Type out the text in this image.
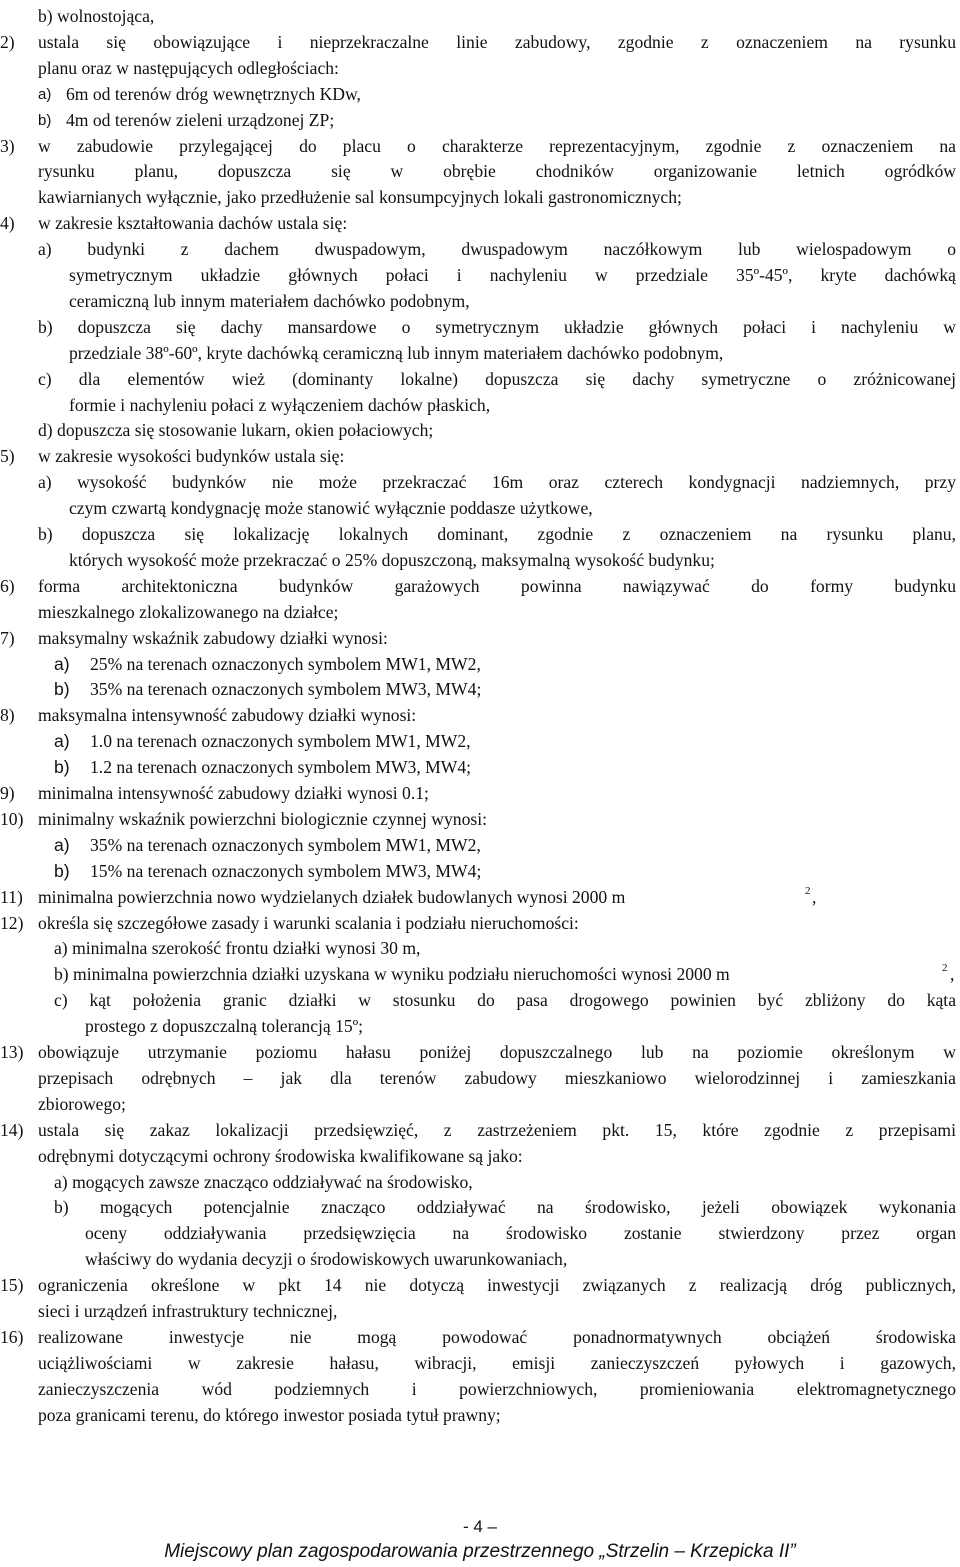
b) wolnostojąca,
2) ustala się obowiązujące i nieprzekraczalne linie zabudowy, zgodnie z oznaczeniem na rysunku
planu oraz w następujących odległościach:
a) 6m od terenów dróg wewnętrznych KDw,
b) 4m od terenów zieleni urządzonej ZP;
3) w zabudowie przylegającej do placu o charakterze reprezentacyjnym, zgodnie z oznaczeniem na
rysunku planu, dopuszcza się w obrębie chodników organizowanie letnich ogródków
kawiarnianych wyłącznie, jako przedłużenie sal konsumpcyjnych lokali gastronomicznych;
4) w zakresie kształtowania dachów ustala się:
a) budynki z dachem dwuspadowym, dwuspadowym naczółkowym lub wielospadowym o
symetrycznym układzie głównych połaci i nachyleniu w przedziale 35º-45º, kryte dachówką
ceramiczną lub innym materiałem dachówko podobnym,
b) dopuszcza się dachy mansardowe o symetrycznym układzie głównych połaci i nachyleniu w
przedziale 38º-60º, kryte dachówką ceramiczną lub innym materiałem dachówko podobnym,
c) dla elementów wież (dominanty lokalne) dopuszcza się dachy symetryczne o zróżnicowanej
formie i nachyleniu połaci z wyłączeniem dachów płaskich,
d) dopuszcza się stosowanie lukarn, okien połaciowych;
5) w zakresie wysokości budynków ustala się:
a) wysokość budynków nie może przekraczać 16m oraz czterech kondygnacji nadziemnych, przy
czym czwartą kondygnację może stanowić wyłącznie poddasze użytkowe,
b) dopuszcza się lokalizację lokalnych dominant, zgodnie z oznaczeniem na rysunku planu,
których wysokość może przekraczać o 25% dopuszczoną, maksymalną wysokość budynku;
6) forma architektoniczna budynków garażowych powinna nawiązywać do formy budynku
mieszkalnego zlokalizowanego na działce;
7) maksymalny wskaźnik zabudowy działki wynosi:
a) 25% na terenach oznaczonych symbolem MW1, MW2,
b) 35% na terenach oznaczonych symbolem MW3, MW4;
8) maksymalna intensywność zabudowy działki wynosi:
a) 1.0 na terenach oznaczonych symbolem MW1, MW2,
b) 1.2 na terenach oznaczonych symbolem MW3, MW4;
9) minimalna intensywność zabudowy działki wynosi 0.1;
10) minimalny wskaźnik powierzchni biologicznie czynnej wynosi:
a) 35% na terenach oznaczonych symbolem MW1, MW2,
b) 15% na terenach oznaczonych symbolem MW3, MW4;
11) minimalna powierzchnia nowo wydzielanych działek budowlanych wynosi 2000 m	2 ,
12) określa się szczegółowe zasady i warunki scalania i podziału nieruchomości:
a) minimalna szerokość frontu działki wynosi 30 m,
b) minimalna powierzchnia działki uzyskana w wyniku podziału nieruchomości wynosi 2000 m	2 ,
c) kąt położenia granic działki w stosunku do pasa drogowego powinien być zbliżony do kąta
prostego z dopuszczalną tolerancją 15º;
13) obowiązuje utrzymanie poziomu hałasu poniżej dopuszczalnego lub na poziomie określonym w
przepisach odrębnych – jak dla terenów zabudowy mieszkaniowo wielorodzinnej i zamieszkania
zbiorowego;
14) ustala się zakaz lokalizacji przedsięwzięć, z zastrzeżeniem pkt. 15, które zgodnie z przepisami
odrębnymi dotyczącymi ochrony środowiska kwalifikowane są jako:
a) mogących zawsze znacząco oddziaływać na środowisko,
b) mogących potencjalnie znacząco oddziaływać na środowisko, jeżeli obowiązek wykonania
oceny oddziaływania przedsięwzięcia na środowisko zostanie stwierdzony przez organ
właściwy do wydania decyzji o środowiskowych uwarunkowaniach,
15) ograniczenia określone w pkt 14 nie dotyczą inwestycji związanych z realizacją dróg publicznych,
sieci i urządzeń infrastruktury technicznej,
16) realizowane inwestycje nie mogą powodować ponadnormatywnych obciążeń środowiska
uciążliwościami w zakresie hałasu, wibracji, emisji zanieczyszczeń pyłowych i gazowych,
zanieczyszczenia wód podziemnych i powierzchniowych, promieniowania elektromagnetycznego
poza granicami terenu, do którego inwestor posiada tytuł prawny;
- 4 –
Miejscowy plan zagospodarowania przestrzennego „Strzelin – Krzepicka II”
